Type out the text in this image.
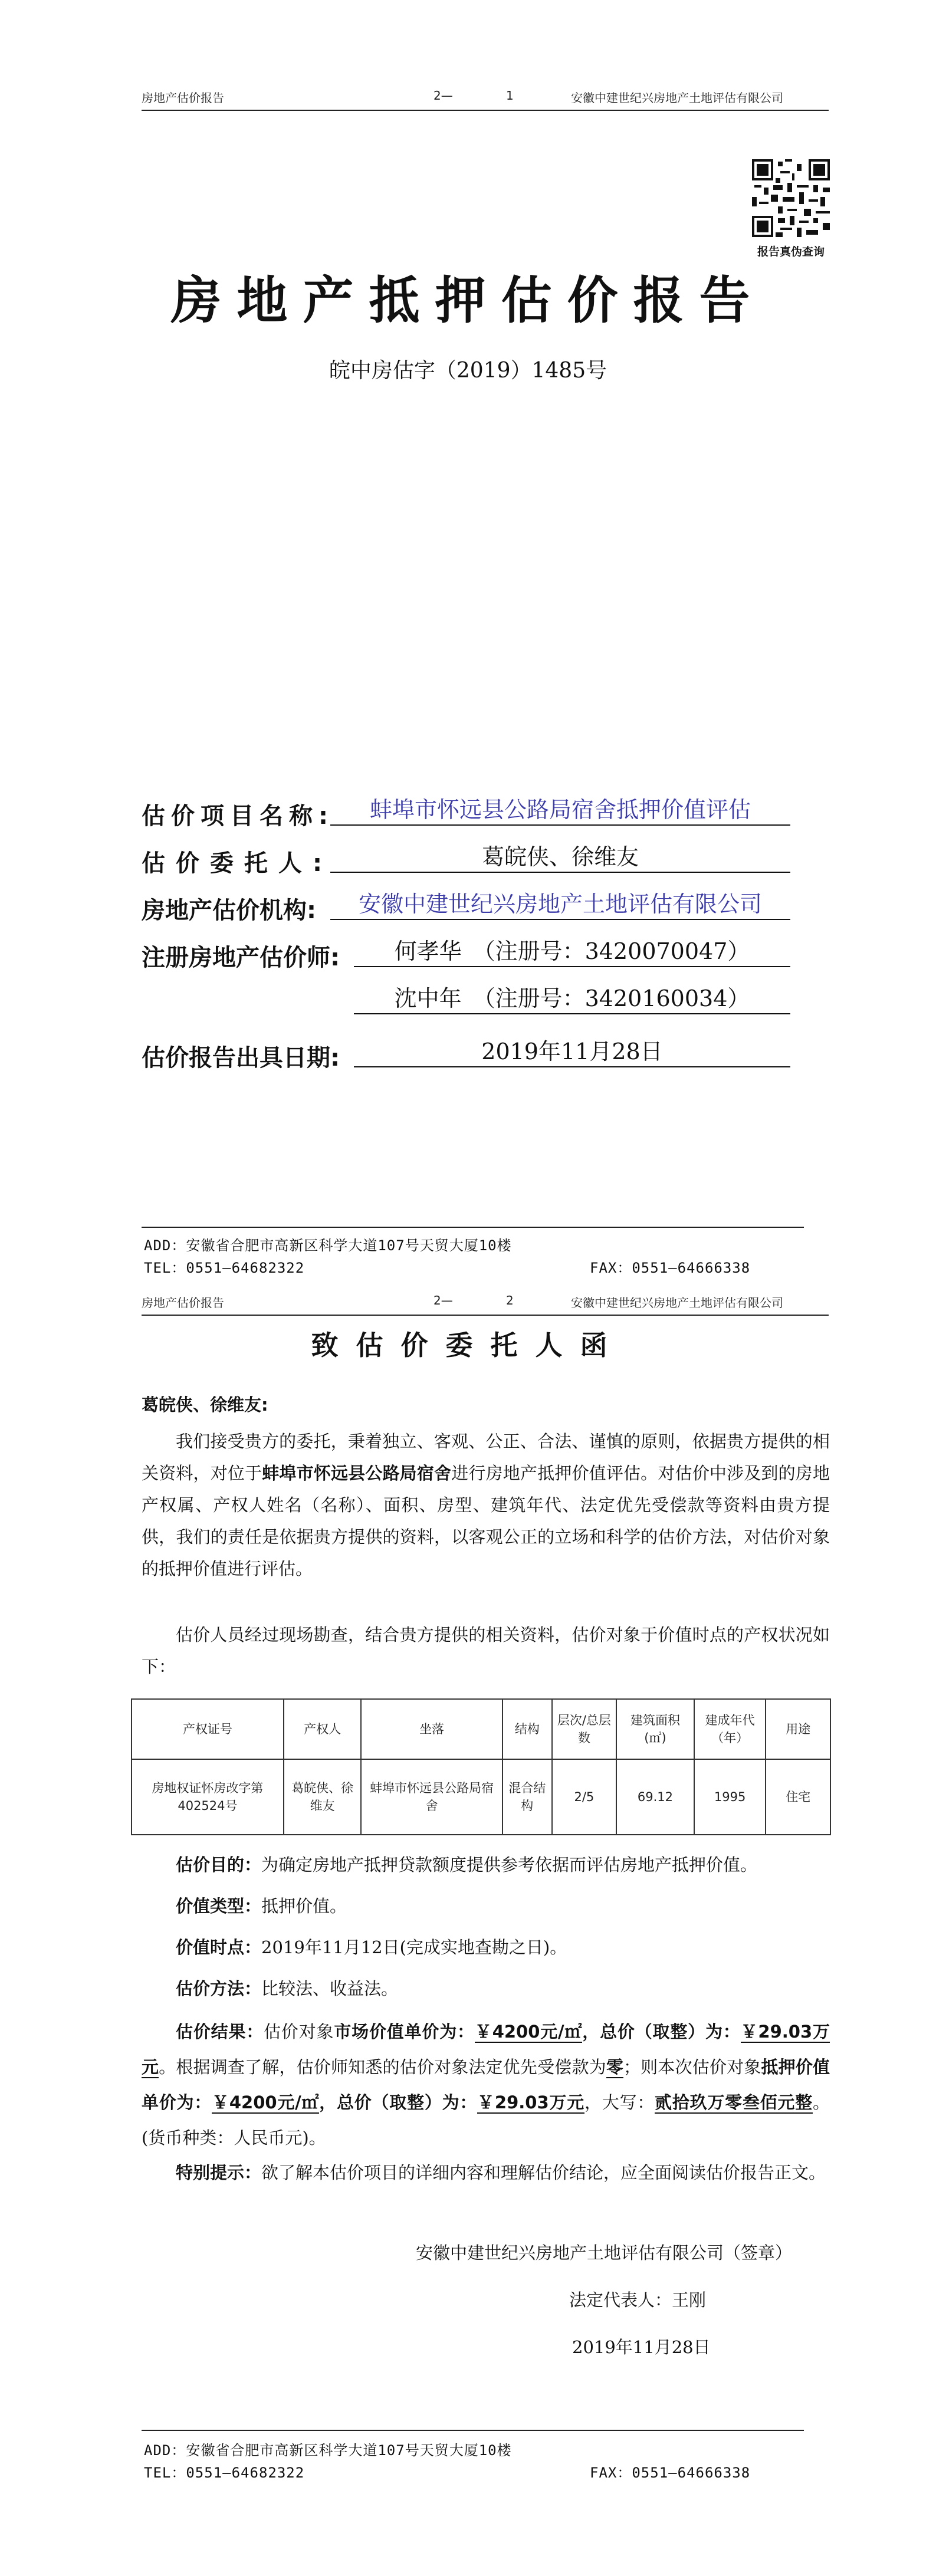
房地产估价报告	2—	1	安徽中建世纪兴房地产土地评估有限公司
报告真伪查询
房地产抵押估价报告
皖中房估字（2019）1485号
估价项目名称:	蚌埠市怀远县公路局宿舍抵押价值评估
估价委托人:	葛皖侠、徐维友
房地产估价机构:	安徽中建世纪兴房地产土地评估有限公司
注册房地产估价师:	何孝华　（注册号：3420070047）
沈中年　（注册号：3420160034）
估价报告出具日期:	2019年11月28日
ADD：安徽省合肥市高新区科学大道107号天贸大厦10楼
TEL：0551—64682322	FAX：0551—64666338
房地产估价报告	2—	2	安徽中建世纪兴房地产土地评估有限公司
致估价委托人函
葛皖侠、徐维友:
我们接受贵方的委托，秉着独立、客观、公正、合法、谨慎的原则，依据贵方提供的相关资料，对位于蚌埠市怀远县公路局宿舍进行房地产抵押价值评估。对估价中涉及到的房地产权属、产权人姓名（名称）、面积、房型、建筑年代、法定优先受偿款等资料由贵方提供，我们的责任是依据贵方提供的资料，以客观公正的立场和科学的估价方法，对估价对象的抵押价值进行评估。
估价人员经过现场勘查，结合贵方提供的相关资料，估价对象于价值时点的产权状况如下：
产权证号	产权人	坐落	结构	层次/总层数	建筑面积(㎡)	建成年代（年）	用途
房地权证怀房改字第402524号	葛皖侠、徐维友	蚌埠市怀远县公路局宿舍	混合结构	2/5	69.12	1995	住宅
估价目的：为确定房地产抵押贷款额度提供参考依据而评估房地产抵押价值。
价值类型：抵押价值。
价值时点：2019年11月12日(完成实地查勘之日)。
估价方法：比较法、收益法。
估价结果：估价对象市场价值单价为：￥4200元/㎡，总价（取整）为：￥29.03万元。根据调查了解，估价师知悉的估价对象法定优先受偿款为零；则本次估价对象抵押价值单价为：￥4200元/㎡，总价（取整）为：￥29.03万元，大写：贰拾玖万零叁佰元整。(货币种类：人民币元)。
特别提示：欲了解本估价项目的详细内容和理解估价结论，应全面阅读估价报告正文。
安徽中建世纪兴房地产土地评估有限公司（签章）
法定代表人：王刚
2019年11月28日
ADD：安徽省合肥市高新区科学大道107号天贸大厦10楼
TEL：0551—64682322	FAX：0551—64666338
